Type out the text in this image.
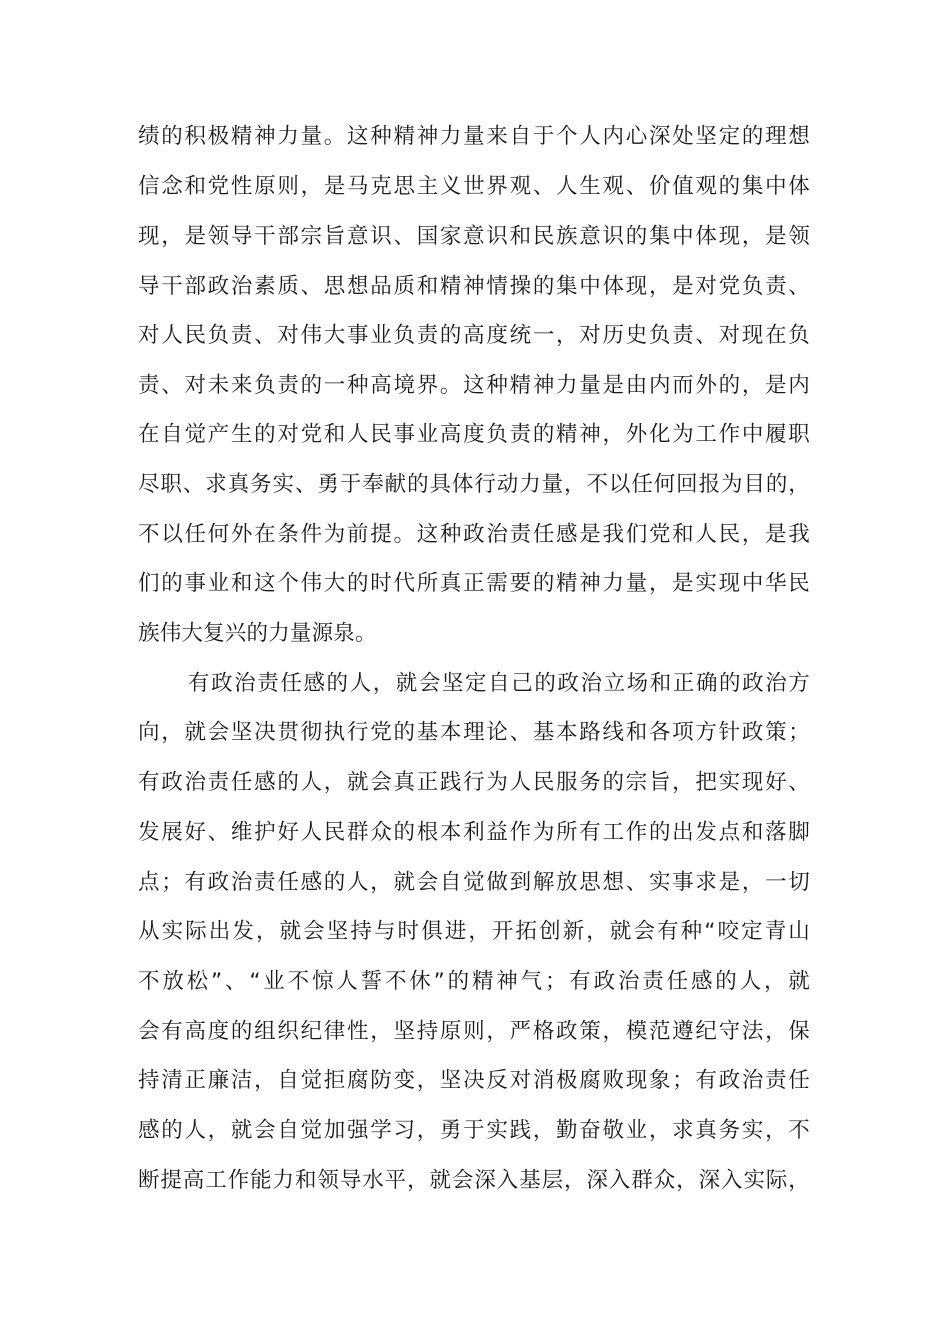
绩的积极精神力量。这种精神力量来自于个人内心深处坚定的理想
信念和党性原则，是马克思主义世界观、人生观、价值观的集中体
现，是领导干部宗旨意识、国家意识和民族意识的集中体现，是领
导干部政治素质、思想品质和精神情操的集中体现，是对党负责、
对人民负责、对伟大事业负责的高度统一，对历史负责、对现在负
责、对未来负责的一种高境界。这种精神力量是由内而外的，是内
在自觉产生的对党和人民事业高度负责的精神，外化为工作中履职
尽职、求真务实、勇于奉献的具体行动力量，不以任何回报为目的，
不以任何外在条件为前提。这种政治责任感是我们党和人民，是我
们的事业和这个伟大的时代所真正需要的精神力量，是实现中华民
族伟大复兴的力量源泉。
有政治责任感的人，就会坚定自己的政治立场和正确的政治方
向，就会坚决贯彻执行党的基本理论、基本路线和各项方针政策；
有政治责任感的人，就会真正践行为人民服务的宗旨，把实现好、
发展好、维护好人民群众的根本利益作为所有工作的出发点和落脚
点；有政治责任感的人，就会自觉做到解放思想、实事求是，一切
从实际出发，就会坚持与时俱进，开拓创新，就会有种“咬定青山
不放松”、“业不惊人誓不休”的精神气；有政治责任感的人，就
会有高度的组织纪律性，坚持原则，严格政策，模范遵纪守法，保
持清正廉洁，自觉拒腐防变，坚决反对消极腐败现象；有政治责任
感的人，就会自觉加强学习，勇于实践，勤奋敬业，求真务实，不
断提高工作能力和领导水平，就会深入基层，深入群众，深入实际，
